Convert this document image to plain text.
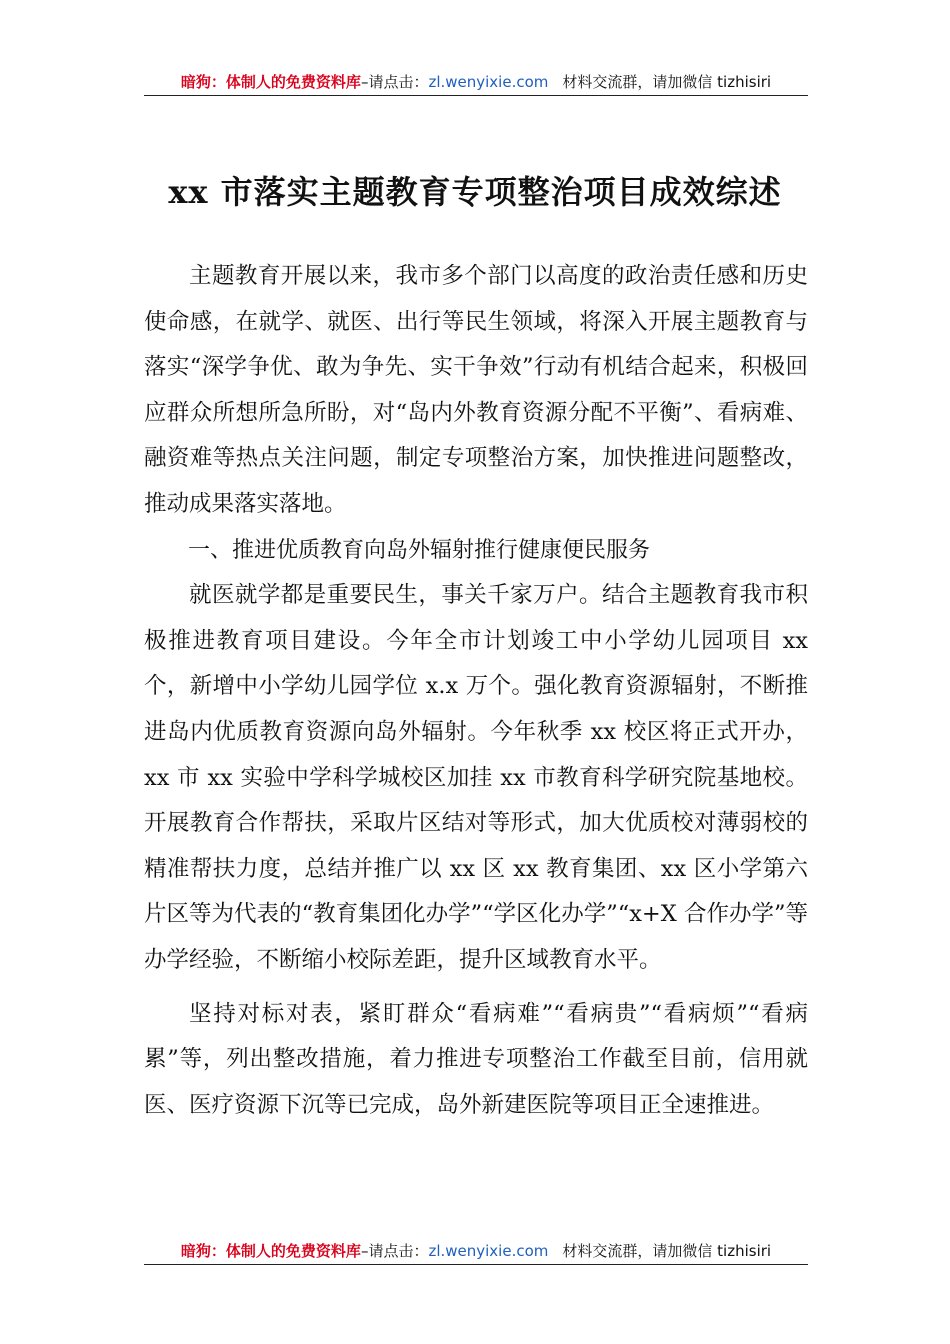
暗狗：体制人的免费资料库–请点击：zl.wenyixie.com 材料交流群，请加微信 tizhisiri
xx 市落实主题教育专项整治项目成效综述

主题教育开展以来，我市多个部门以高度的政治责任感和历史使命感，在就学、就医、出行等民生领域，将深入开展主题教育与落实“深学争优、敢为争先、实干争效”行动有机结合起来，积极回应群众所想所急所盼，对“岛内外教育资源分配不平衡”、看病难、融资难等热点关注问题，制定专项整治方案，加快推进问题整改，推动成果落实落地。

一、推进优质教育向岛外辐射推行健康便民服务

就医就学都是重要民生，事关千家万户。结合主题教育我市积极推进教育项目建设。今年全市计划竣工中小学幼儿园项目 xx 个，新增中小学幼儿园学位 x.x 万个。强化教育资源辐射，不断推进岛内优质教育资源向岛外辐射。今年秋季 xx 校区将正式开办，xx 市 xx 实验中学科学城校区加挂 xx 市教育科学研究院基地校。开展教育合作帮扶，采取片区结对等形式，加大优质校对薄弱校的精准帮扶力度，总结并推广以 xx 区 xx 教育集团、xx 区小学第六片区等为代表的“教育集团化办学”“学区化办学”“x+X 合作办学”等办学经验，不断缩小校际差距，提升区域教育水平。

坚持对标对表，紧盯群众“看病难”“看病贵”“看病烦”“看病累”等，列出整改措施，着力推进专项整治工作截至目前，信用就医、医疗资源下沉等已完成，岛外新建医院等项目正全速推进。

暗狗：体制人的免费资料库–请点击：zl.wenyixie.com 材料交流群，请加微信 tizhisiri
